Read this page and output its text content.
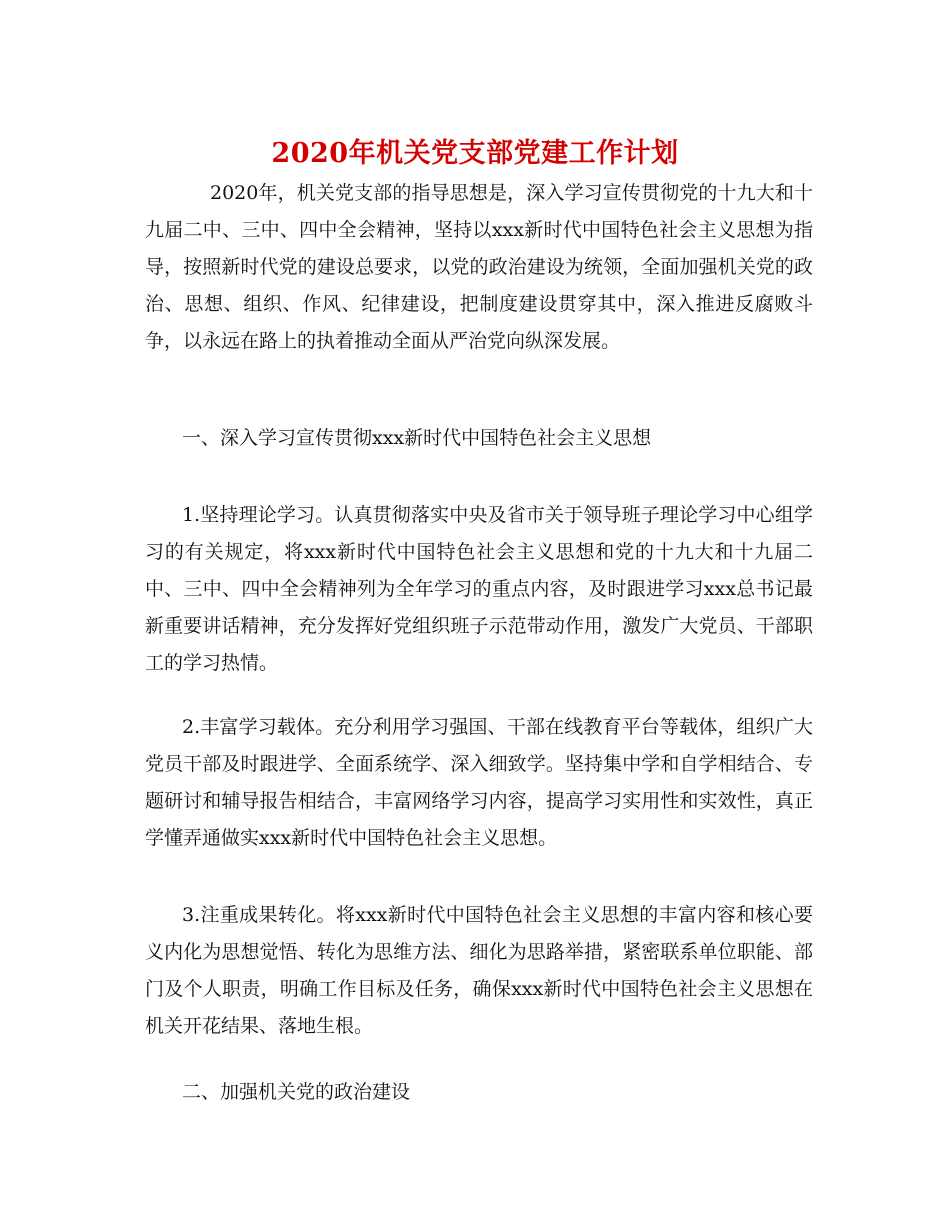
2020年机关党支部党建工作计划

2020年，机关党支部的指导思想是，深入学习宣传贯彻党的十九大和十九届二中、三中、四中全会精神，坚持以xxx新时代中国特色社会主义思想为指导，按照新时代党的建设总要求，以党的政治建设为统领，全面加强机关党的政治、思想、组织、作风、纪律建设，把制度建设贯穿其中，深入推进反腐败斗争，以永远在路上的执着推动全面从严治党向纵深发展。

一、深入学习宣传贯彻xxx新时代中国特色社会主义思想

1.坚持理论学习。认真贯彻落实中央及省市关于领导班子理论学习中心组学习的有关规定，将xxx新时代中国特色社会主义思想和党的十九大和十九届二中、三中、四中全会精神列为全年学习的重点内容，及时跟进学习xxx总书记最新重要讲话精神，充分发挥好党组织班子示范带动作用，激发广大党员、干部职工的学习热情。

2.丰富学习载体。充分利用学习强国、干部在线教育平台等载体，组织广大党员干部及时跟进学、全面系统学、深入细致学。坚持集中学和自学相结合、专题研讨和辅导报告相结合，丰富网络学习内容，提高学习实用性和实效性，真正学懂弄通做实xxx新时代中国特色社会主义思想。

3.注重成果转化。将xxx新时代中国特色社会主义思想的丰富内容和核心要义内化为思想觉悟、转化为思维方法、细化为思路举措，紧密联系单位职能、部门及个人职责，明确工作目标及任务，确保xxx新时代中国特色社会主义思想在机关开花结果、落地生根。

二、加强机关党的政治建设
